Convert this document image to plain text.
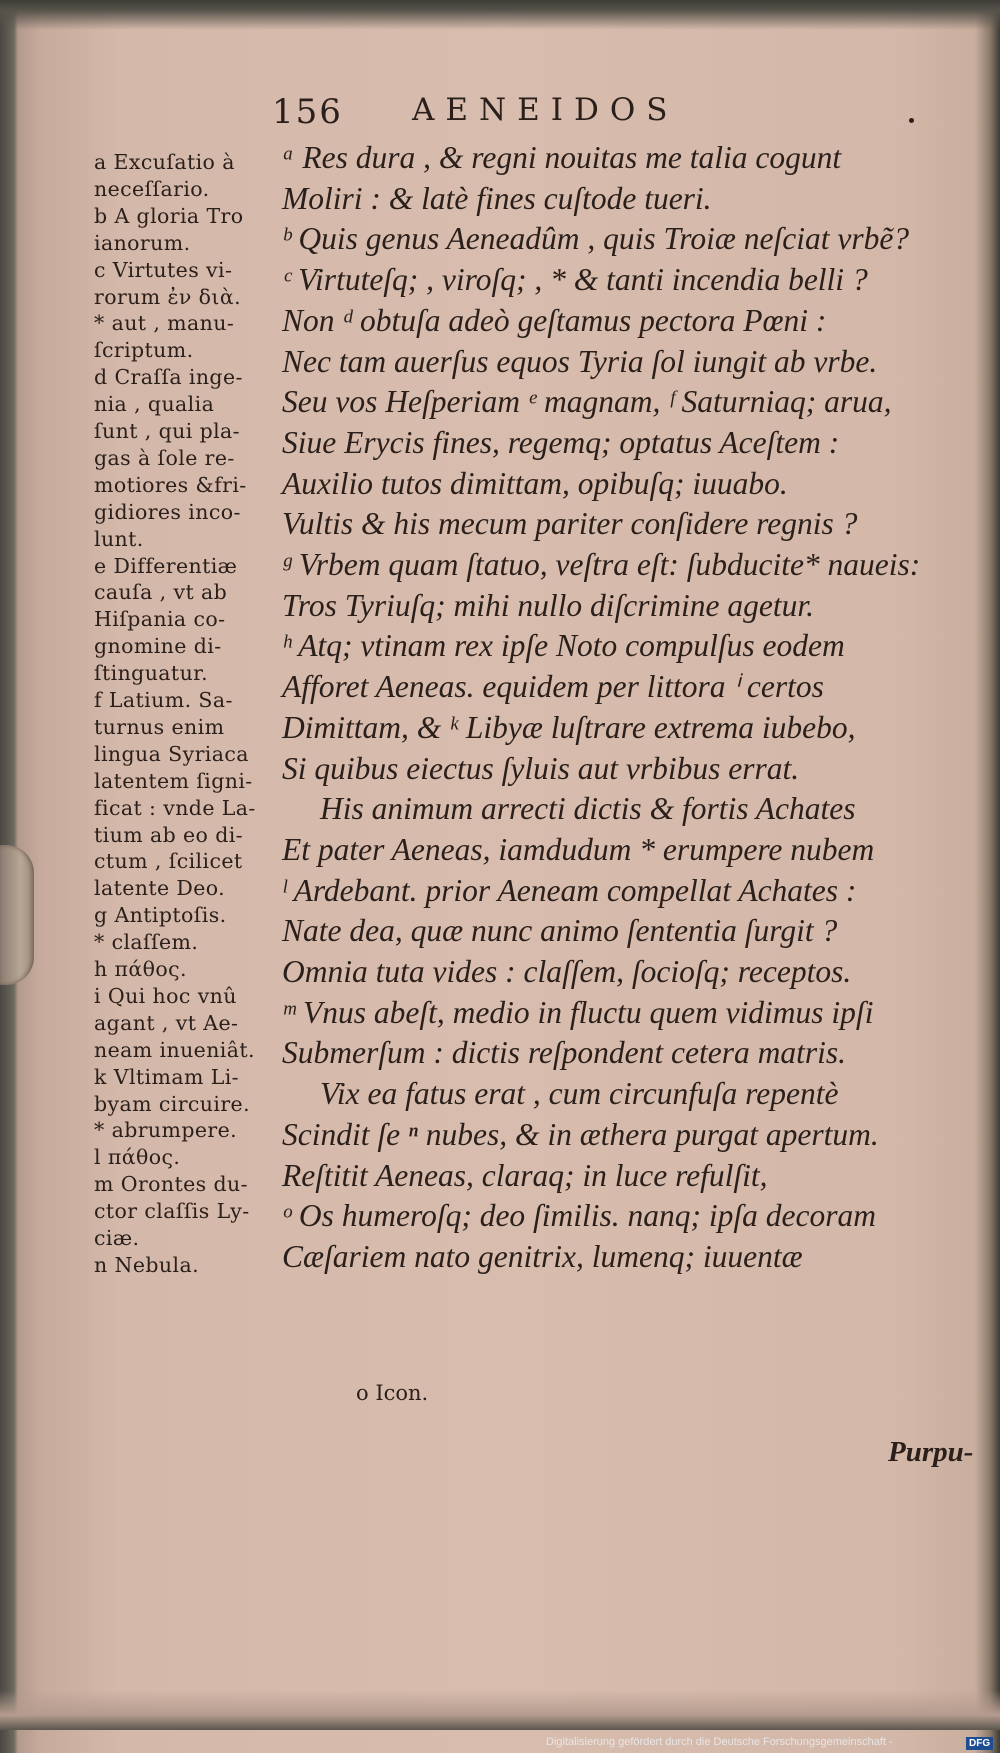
156 AENEIDOS
a Excuſatio à
neceſſario.
b A gloria Tro
ianorum.
c Virtutes vi-
rorum ἐν διὰ.
* aut , manu-
ſcriptum.
d Craſſa inge-
nia , qualia
ſunt , qui pla-
gas à ſole re-
motiores &fri-
gidiores inco-
lunt.
e Differentiæ
cauſa , vt ab
Hiſpania co-
gnomine di-
ſtinguatur.
f Latium. Sa-
turnus enim
lingua Syriaca
latentem ſigni-
ficat : vnde La-
tium ab eo di-
ctum , ſcilicet
latente Deo.
g Antiptoſis.
* claſſem.
h πάθος.
i Qui hoc vnû
agant , vt Ae-
neam inueniât.
k Vltimam Li-
byam circuire.
* abrumpere.
l πάθος.
m Orontes du-
ctor claſſis Ly-
ciæ.
n Nebula.
ᵃ Res dura , & regni nouitas me talia cogunt
Moliri : & latè fines cuſtode tueri.
ᵇ Quis genus Aeneadûm , quis Troiæ neſciat vrbẽ?
ᶜ Virtuteſq; , viroſq; , * & tanti incendia belli ?
Non ᵈ obtuſa adeò geſtamus pectora Pœni :
Nec tam auerſus equos Tyria ſol iungit ab vrbe.
Seu vos Heſperiam ᵉ magnam, ᶠ Saturniaq; arua,
Siue Erycis fines, regemq; optatus Aceſtem :
Auxilio tutos dimittam, opibuſq; iuuabo.
Vultis & his mecum pariter conſidere regnis ?
ᵍ Vrbem quam ſtatuo, veſtra eſt: ſubducite* naueis:
Tros Tyriuſq; mihi nullo diſcrimine agetur.
ʰ Atq; vtinam rex ipſe Noto compulſus eodem
Afforet Aeneas. equidem per littora ⁱ certos
Dimittam, & ᵏ Libyæ luſtrare extrema iubebo,
Si quibus eiectus ſyluis aut vrbibus errat.
His animum arrecti dictis & fortis Achates
Et pater Aeneas, iamdudum * erumpere nubem
ˡ Ardebant. prior Aeneam compellat Achates :
Nate dea, quæ nunc animo ſententia ſurgit ?
Omnia tuta vides : claſſem, ſocioſq; receptos.
ᵐ Vnus abeſt, medio in fluctu quem vidimus ipſi
Submerſum : dictis reſpondent cetera matris.
Vix ea fatus erat , cum circunfuſa repentè
Scindit ſe ⁿ nubes, & in æthera purgat apertum.
Reſtitit Aeneas, claraq; in luce refulſit,
ᵒ Os humeroſq; deo ſimilis. nanq; ipſa decoram
Cæſariem nato genitrix, lumenq; iuuentæ
o Icon.
Purpu-
Digitalisierung gefördert durch die Deutsche Forschungsgemeinschaft -	DFG
